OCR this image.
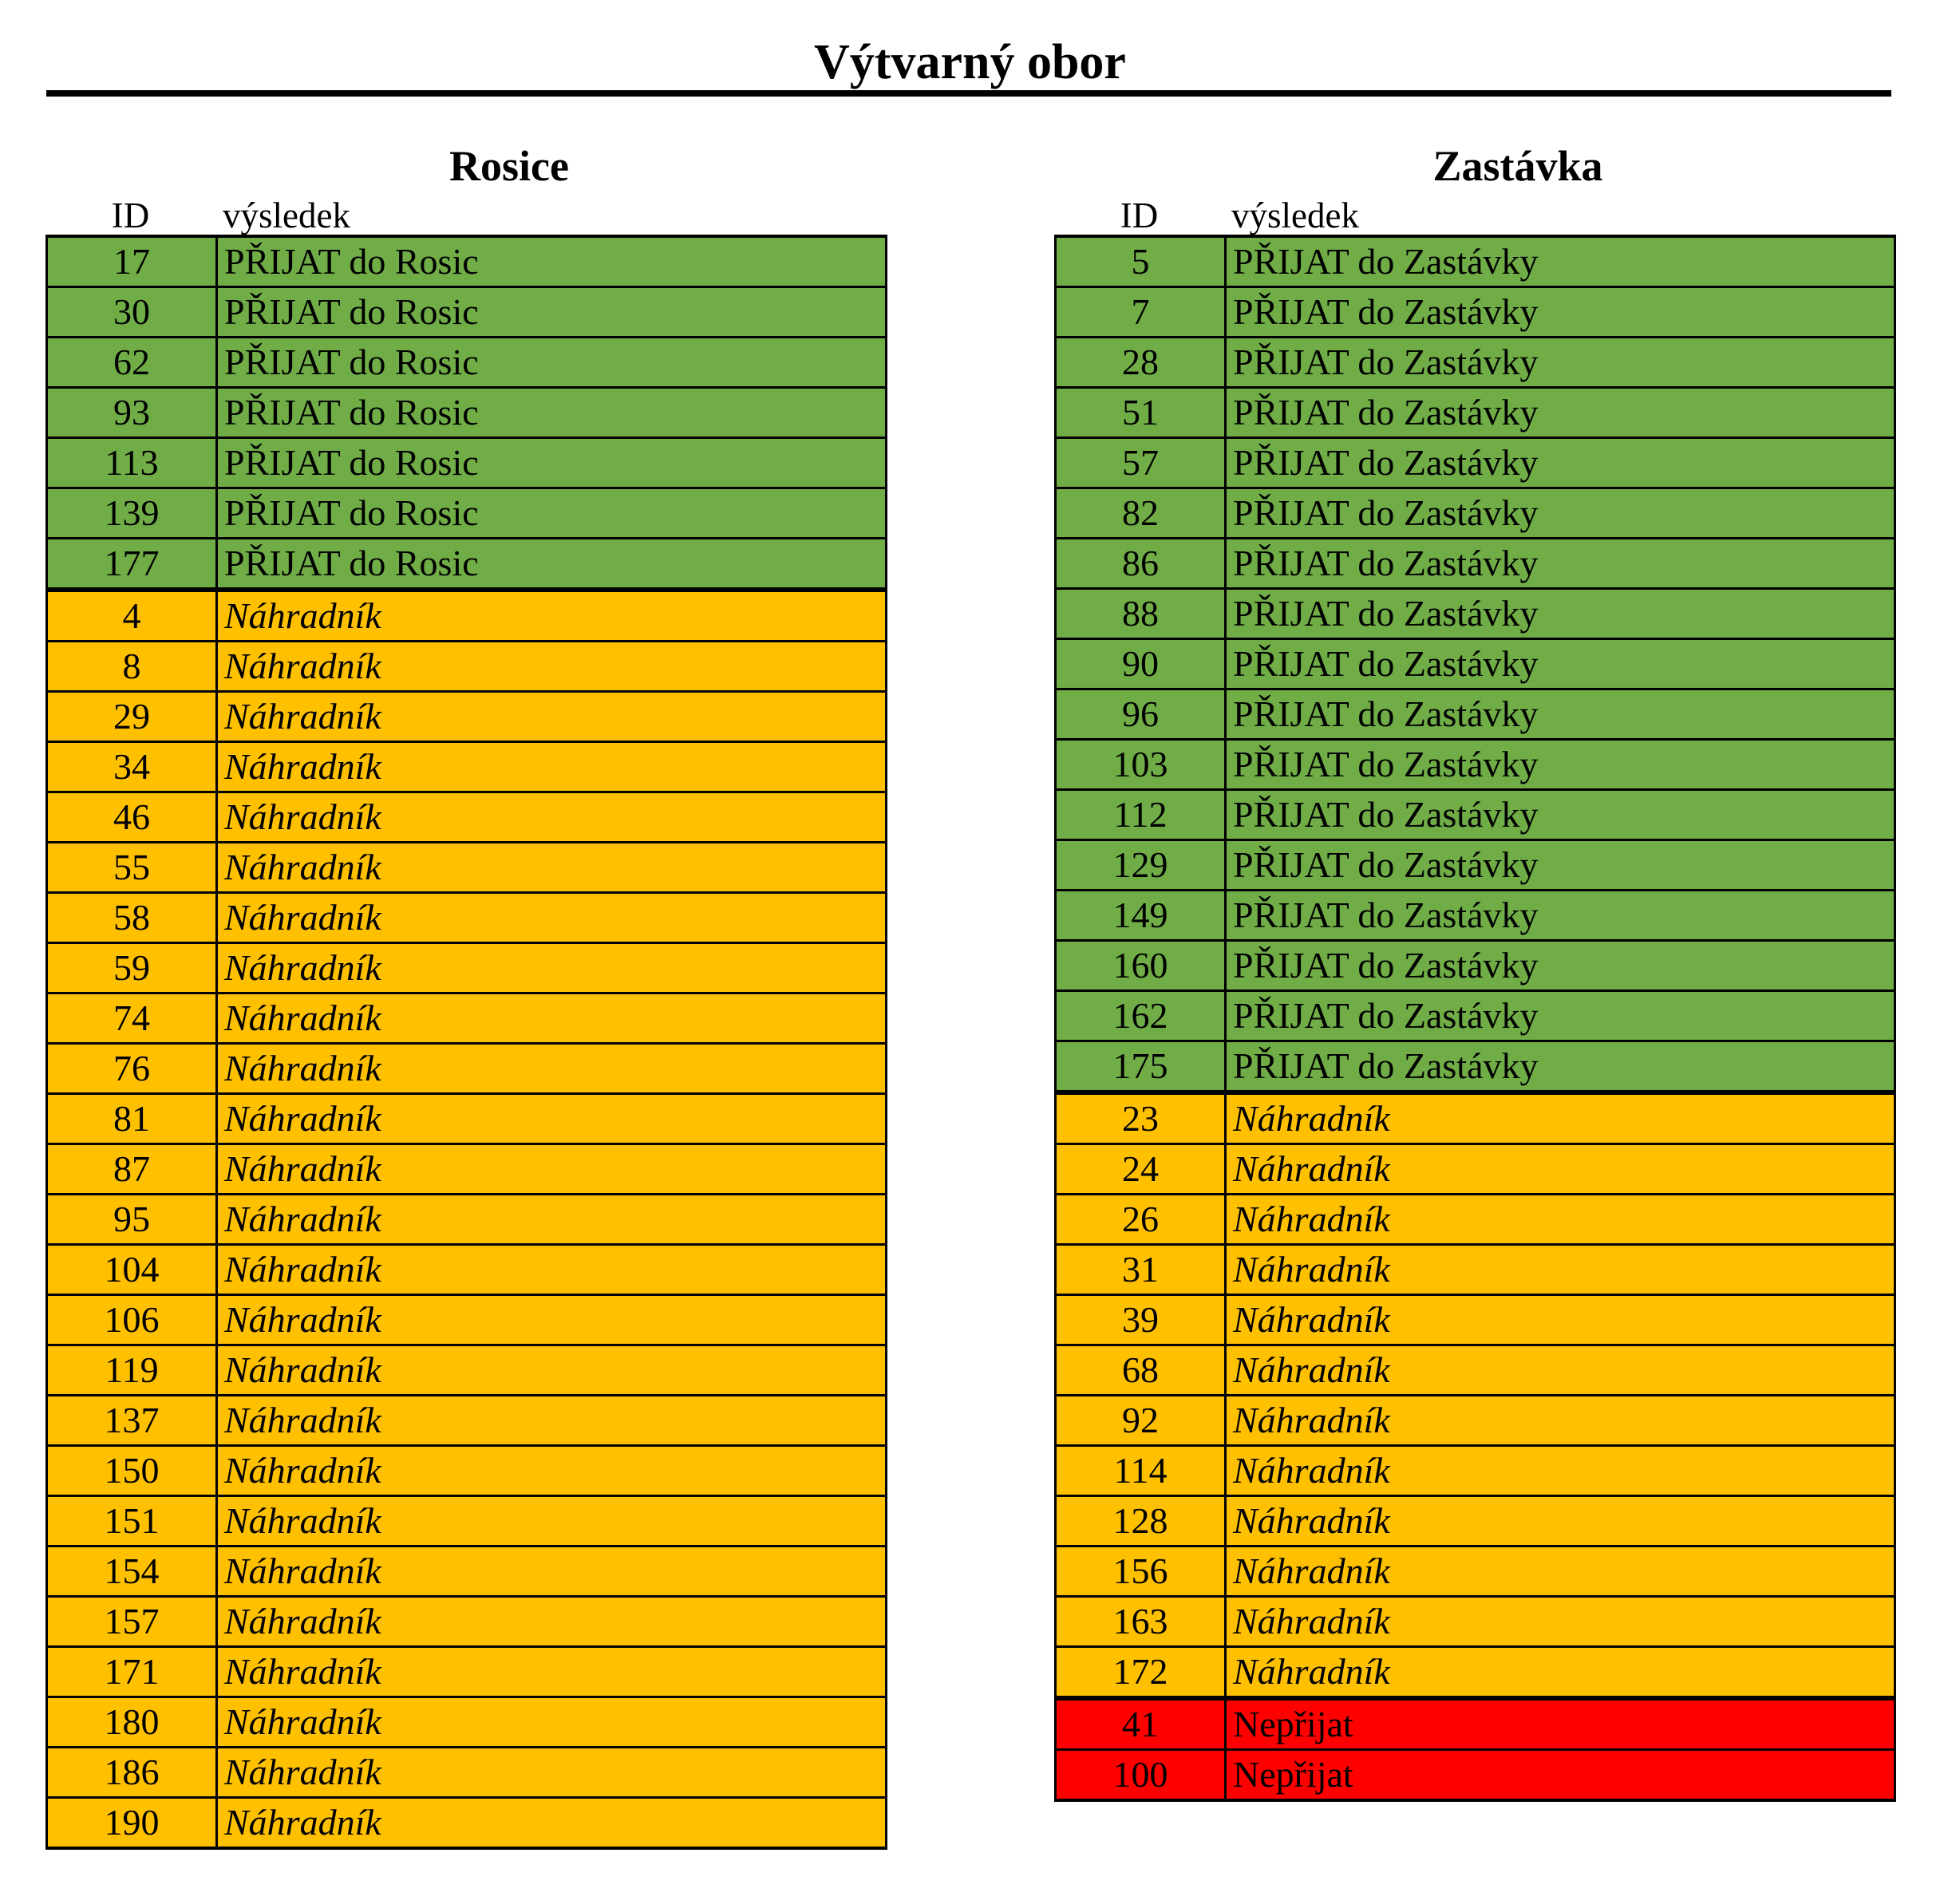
Výtvarný obor
Rosice
ID	výsledek
17	PŘIJAT do Rosic
30	PŘIJAT do Rosic
62	PŘIJAT do Rosic
93	PŘIJAT do Rosic
113	PŘIJAT do Rosic
139	PŘIJAT do Rosic
177	PŘIJAT do Rosic
4	Náhradník
8	Náhradník
29	Náhradník
34	Náhradník
46	Náhradník
55	Náhradník
58	Náhradník
59	Náhradník
74	Náhradník
76	Náhradník
81	Náhradník
87	Náhradník
95	Náhradník
104	Náhradník
106	Náhradník
119	Náhradník
137	Náhradník
150	Náhradník
151	Náhradník
154	Náhradník
157	Náhradník
171	Náhradník
180	Náhradník
186	Náhradník
190	Náhradník
Zastávka
ID	výsledek
5	PŘIJAT do Zastávky
7	PŘIJAT do Zastávky
28	PŘIJAT do Zastávky
51	PŘIJAT do Zastávky
57	PŘIJAT do Zastávky
82	PŘIJAT do Zastávky
86	PŘIJAT do Zastávky
88	PŘIJAT do Zastávky
90	PŘIJAT do Zastávky
96	PŘIJAT do Zastávky
103	PŘIJAT do Zastávky
112	PŘIJAT do Zastávky
129	PŘIJAT do Zastávky
149	PŘIJAT do Zastávky
160	PŘIJAT do Zastávky
162	PŘIJAT do Zastávky
175	PŘIJAT do Zastávky
23	Náhradník
24	Náhradník
26	Náhradník
31	Náhradník
39	Náhradník
68	Náhradník
92	Náhradník
114	Náhradník
128	Náhradník
156	Náhradník
163	Náhradník
172	Náhradník
41	Nepřijat
100	Nepřijat
